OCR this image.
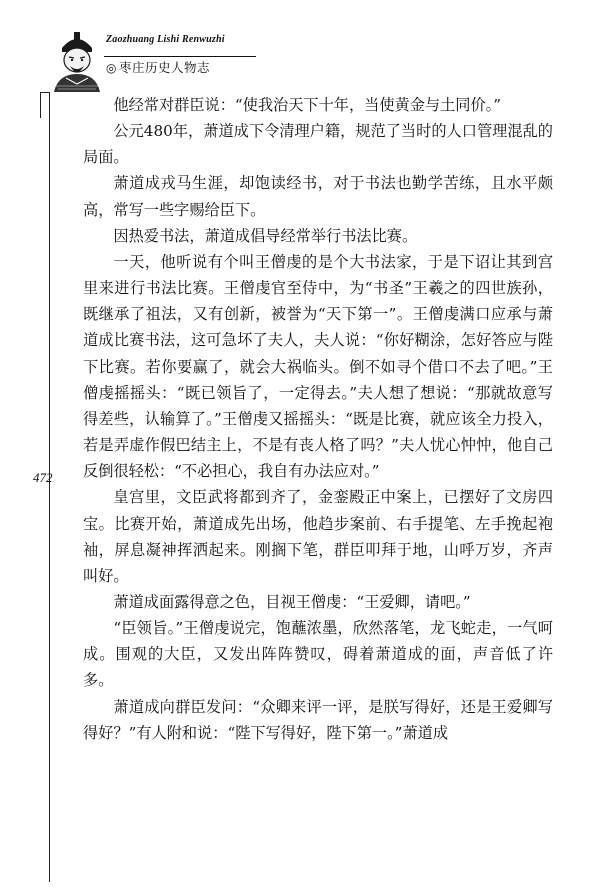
Zaozhuang Lishi Renwuzhi
◎ 枣庄历史人物志
472

他经常对群臣说：“使我治天下十年，当使黄金与土同价。”

公元480年，萧道成下令清理户籍，规范了当时的人口管理混乱的局面。

萧道成戎马生涯，却饱读经书，对于书法也勤学苦练，且水平颇高，常写一些字赐给臣下。

因热爱书法，萧道成倡导经常举行书法比赛。

一天，他听说有个叫王僧虔的是个大书法家，于是下诏让其到宫里来进行书法比赛。王僧虔官至侍中，为“书圣”王羲之的四世族孙，既继承了祖法，又有创新，被誉为“天下第一”。王僧虔满口应承与萧道成比赛书法，这可急坏了夫人，夫人说：“你好糊涂，怎好答应与陛下比赛。若你要赢了，就会大祸临头。倒不如寻个借口不去了吧。”王僧虔摇摇头：“既已领旨了，一定得去。”夫人想了想说：“那就故意写得差些，认输算了。”王僧虔又摇摇头：“既是比赛，就应该全力投入，若是弄虚作假巴结主上，不是有丧人格了吗？”夫人忧心忡忡，他自己反倒很轻松：“不必担心，我自有办法应对。”

皇宫里，文臣武将都到齐了，金銮殿正中案上，已摆好了文房四宝。比赛开始，萧道成先出场，他趋步案前、右手提笔、左手挽起袍袖，屏息凝神挥洒起来。刚搁下笔，群臣叩拜于地，山呼万岁，齐声叫好。

萧道成面露得意之色，目视王僧虔：“王爱卿，请吧。”

“臣领旨。”王僧虔说完，饱蘸浓墨，欣然落笔，龙飞蛇走，一气呵成。围观的大臣，又发出阵阵赞叹，碍着萧道成的面，声音低了许多。

萧道成向群臣发问：“众卿来评一评，是朕写得好，还是王爱卿写得好？”有人附和说：“陛下写得好，陛下第一。”萧道成
